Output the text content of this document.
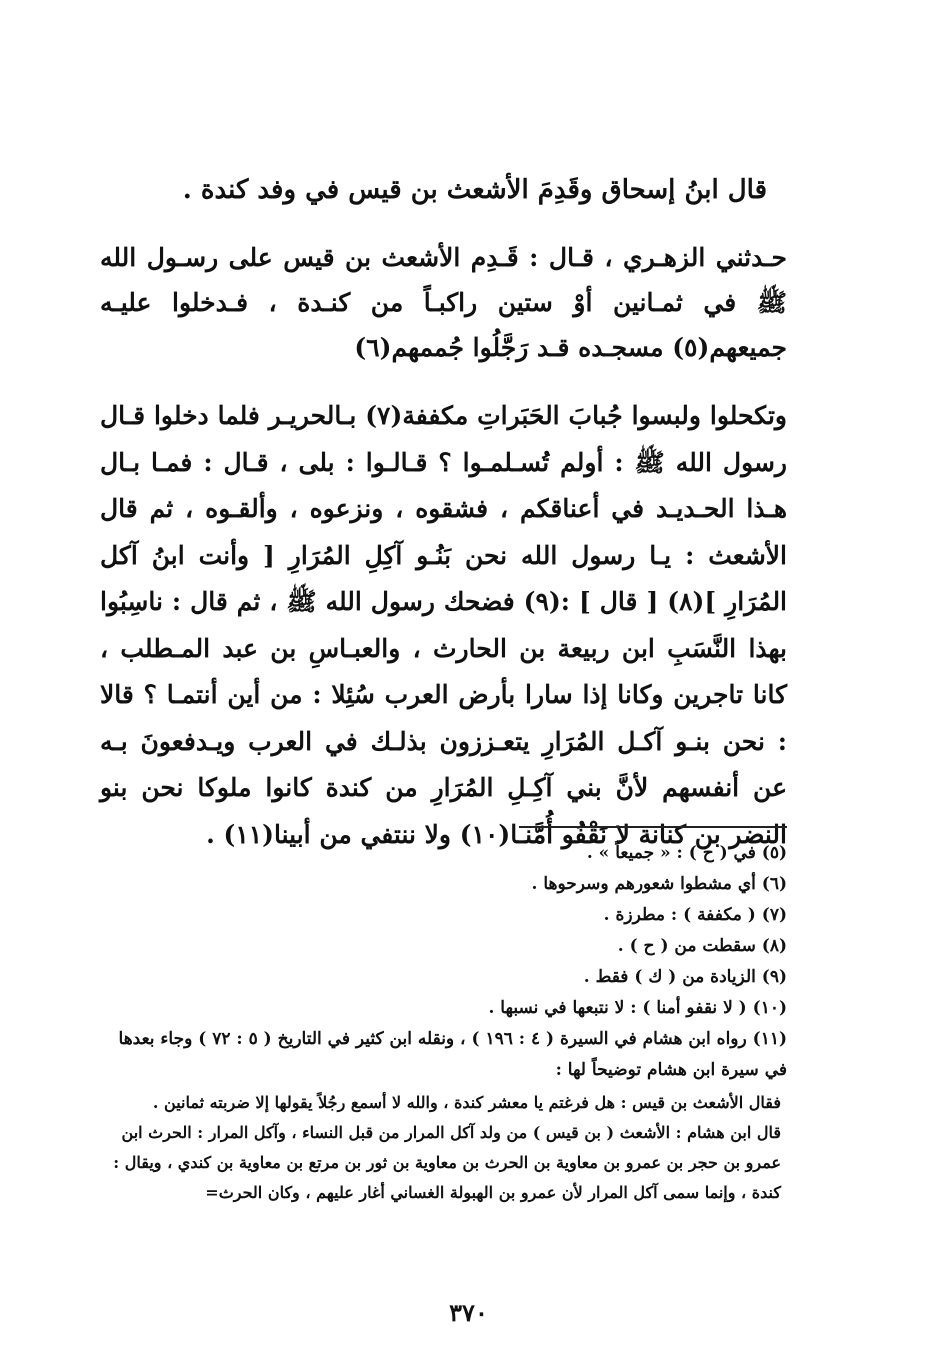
قال ابنُ إسحاق وقَدِمَ الأشعث بن قيس في وفد كندة .

حـدثني الزهـري ، قـال : قَـدِم الأشعث بن قيس على رسـول الله ﷺ في ثمـانين أوْ ستين راكبـاً من كنـدة ، فـدخلوا عليـه جميعهم(٥) مسجـده قـد رَجَّلُوا جُممهم(٦)

وتكحلوا ولبسوا جُبابَ الحَبَراتِ مكففة(٧) بـالحريـر فلما دخلوا قـال رسول الله ﷺ : أولم تُسـلمـوا ؟ قـالـوا : بلى ، قـال : فمـا بـال هـذا الحـديـد في أعناقكم ، فشقوه ، ونزعوه ، وألقـوه ، ثم قال الأشعث : يـا رسول الله نحن بَنُـو آكِلِ المُرَارِ [ وأنت ابنُ آكل المُرَارِ ](٨) [ قال ] :(٩) فضحك رسول الله ﷺ ، ثم قال : ناسِبُوا بهذا النَّسَبِ ابن ربيعة بن الحارث ، والعبـاسِ بن عبد المـطلب ، كانا تاجرين وكانا إذا سارا بأرض العرب سُئِلا : من أين أنتمـا ؟ قالا : نحن بنـو آكـل المُرَارِ يتعـززون بذلـك في العرب ويـدفعونَ بـه عن أنفسهم لأنَّ بني آكِـلِ المُرَارِ من كندة كانوا ملوكا نحن بنو النضر بن كنانة لا نَقْفُو أُمَّنـا(١٠) ولا ننتفي من أبينا(١١) .

(٥) في ( ح ) : « جميعاً » .

(٦) أي مشطوا شعورهم وسرحوها .

(٧) ( مكففة ) : مطرزة .

(٨) سقطت من ( ح ) .

(٩) الزيادة من ( ك ) فقط .

(١٠) ( لا نقفو أمنا ) : لا نتبعها في نسبها .

(١١) رواه ابن هشام في السيرة ( ٤ : ١٩٦ ) ، ونقله ابن كثير في التاريخ ( ٥ : ٧٢ ) وجاء بعدها في سيرة ابن هشام توضيحاً لها :

فقال الأشعث بن قيس : هل فرغتم يا معشر كندة ، والله لا أسمع رجُلاً يقولها إلا ضربته ثمانين .

قال ابن هشام : الأشعث ( بن قيس ) من ولد آكل المرار من قبل النساء ، وآكل المرار : الحرث ابن عمرو بن حجر بن عمرو بن معاوية بن الحرث بن معاوية بن ثور بن مرتع بن معاوية بن كندي ، ويقال : كندة ، وإنما سمى آكل المرار لأن عمرو بن الهبولة الغساني أغار عليهم ، وكان الحرث=

٣٧٠
